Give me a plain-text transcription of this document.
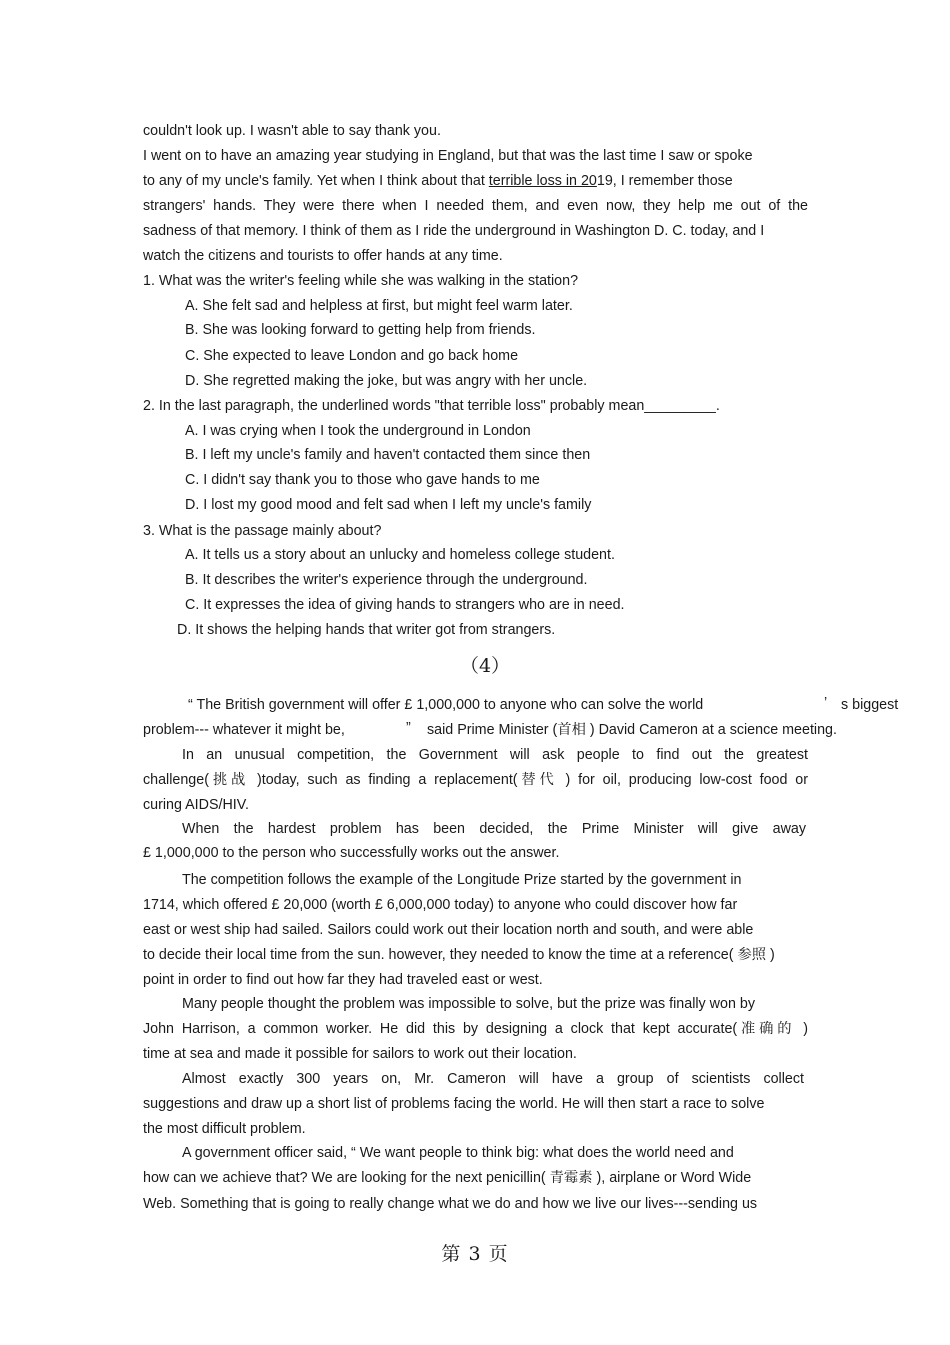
couldn't look up. I wasn't able to say thank you.
I went on to have an amazing year studying in England, but that was the last time I saw or spoke
to any of my uncle's family. Yet when I think about that terrible loss in 2019, I remember those
strangers' hands. They were there when I needed them, and even now, they help me out of the
sadness of that memory. I think of them as I ride the underground in Washington D. C. today, and I
watch the citizens and tourists to offer hands at any time.
1. What was the writer's feeling while she was walking in the station?
A. She felt sad and helpless at first, but might feel warm later.
B. She was looking forward to getting help from friends.
C. She expected to leave London and go back home
D. She regretted making the joke, but was angry with her uncle.
2. In the last paragraph, the underlined words "that terrible loss" probably mean_________.
A. I was crying when I took the underground in London
B. I left my uncle's family and haven't contacted them since then
C. I didn't say thank you to those who gave hands to me
D. I lost my good mood and felt sad when I left my uncle's family
3. What is the passage mainly about?
A. It tells us a story about an unlucky and homeless college student.
B. It describes the writer's experience through the underground.
C. It expresses the idea of giving hands to strangers who are in need.
D. It shows the helping hands that writer got from strangers.
（4）
“ The British government will offer £ 1,000,000 to anyone who can solve the world	’ s biggest
problem--- whatever it might be,	” said Prime Minister (首相 ) David Cameron at a science meeting.
In an unusual competition, the Government will ask people to find out the greatest
challenge(挑战 )today, such as finding a replacement(替代 ) for oil, producing low-cost food or
curing AIDS/HIV.
When the hardest problem has been decided, the Prime Minister will give away
£ 1,000,000 to the person who successfully works out the answer.
The competition follows the example of the Longitude Prize started by the government in
1714, which offered £ 20,000 (worth £ 6,000,000 today) to anyone who could discover how far
east or west ship had sailed. Sailors could work out their location north and south, and were able
to decide their local time from the sun. however, they needed to know the time at a reference( 参照 )
point in order to find out how far they had traveled east or west.
Many people thought the problem was impossible to solve, but the prize was finally won by
John Harrison, a common worker. He did this by designing a clock that kept accurate(准确的 )
time at sea and made it possible for sailors to work out their location.
Almost exactly 300 years on, Mr. Cameron will have a group of scientists collect
suggestions and draw up a short list of problems facing the world. He will then start a race to solve
the most difficult problem.
A government officer said, “ We want people to think big: what does the world need and
how can we achieve that? We are looking for the next penicillin( 青霉素 ), airplane or Word Wide
Web. Something that is going to really change what we do and how we live our lives---sending us
第 3 页
